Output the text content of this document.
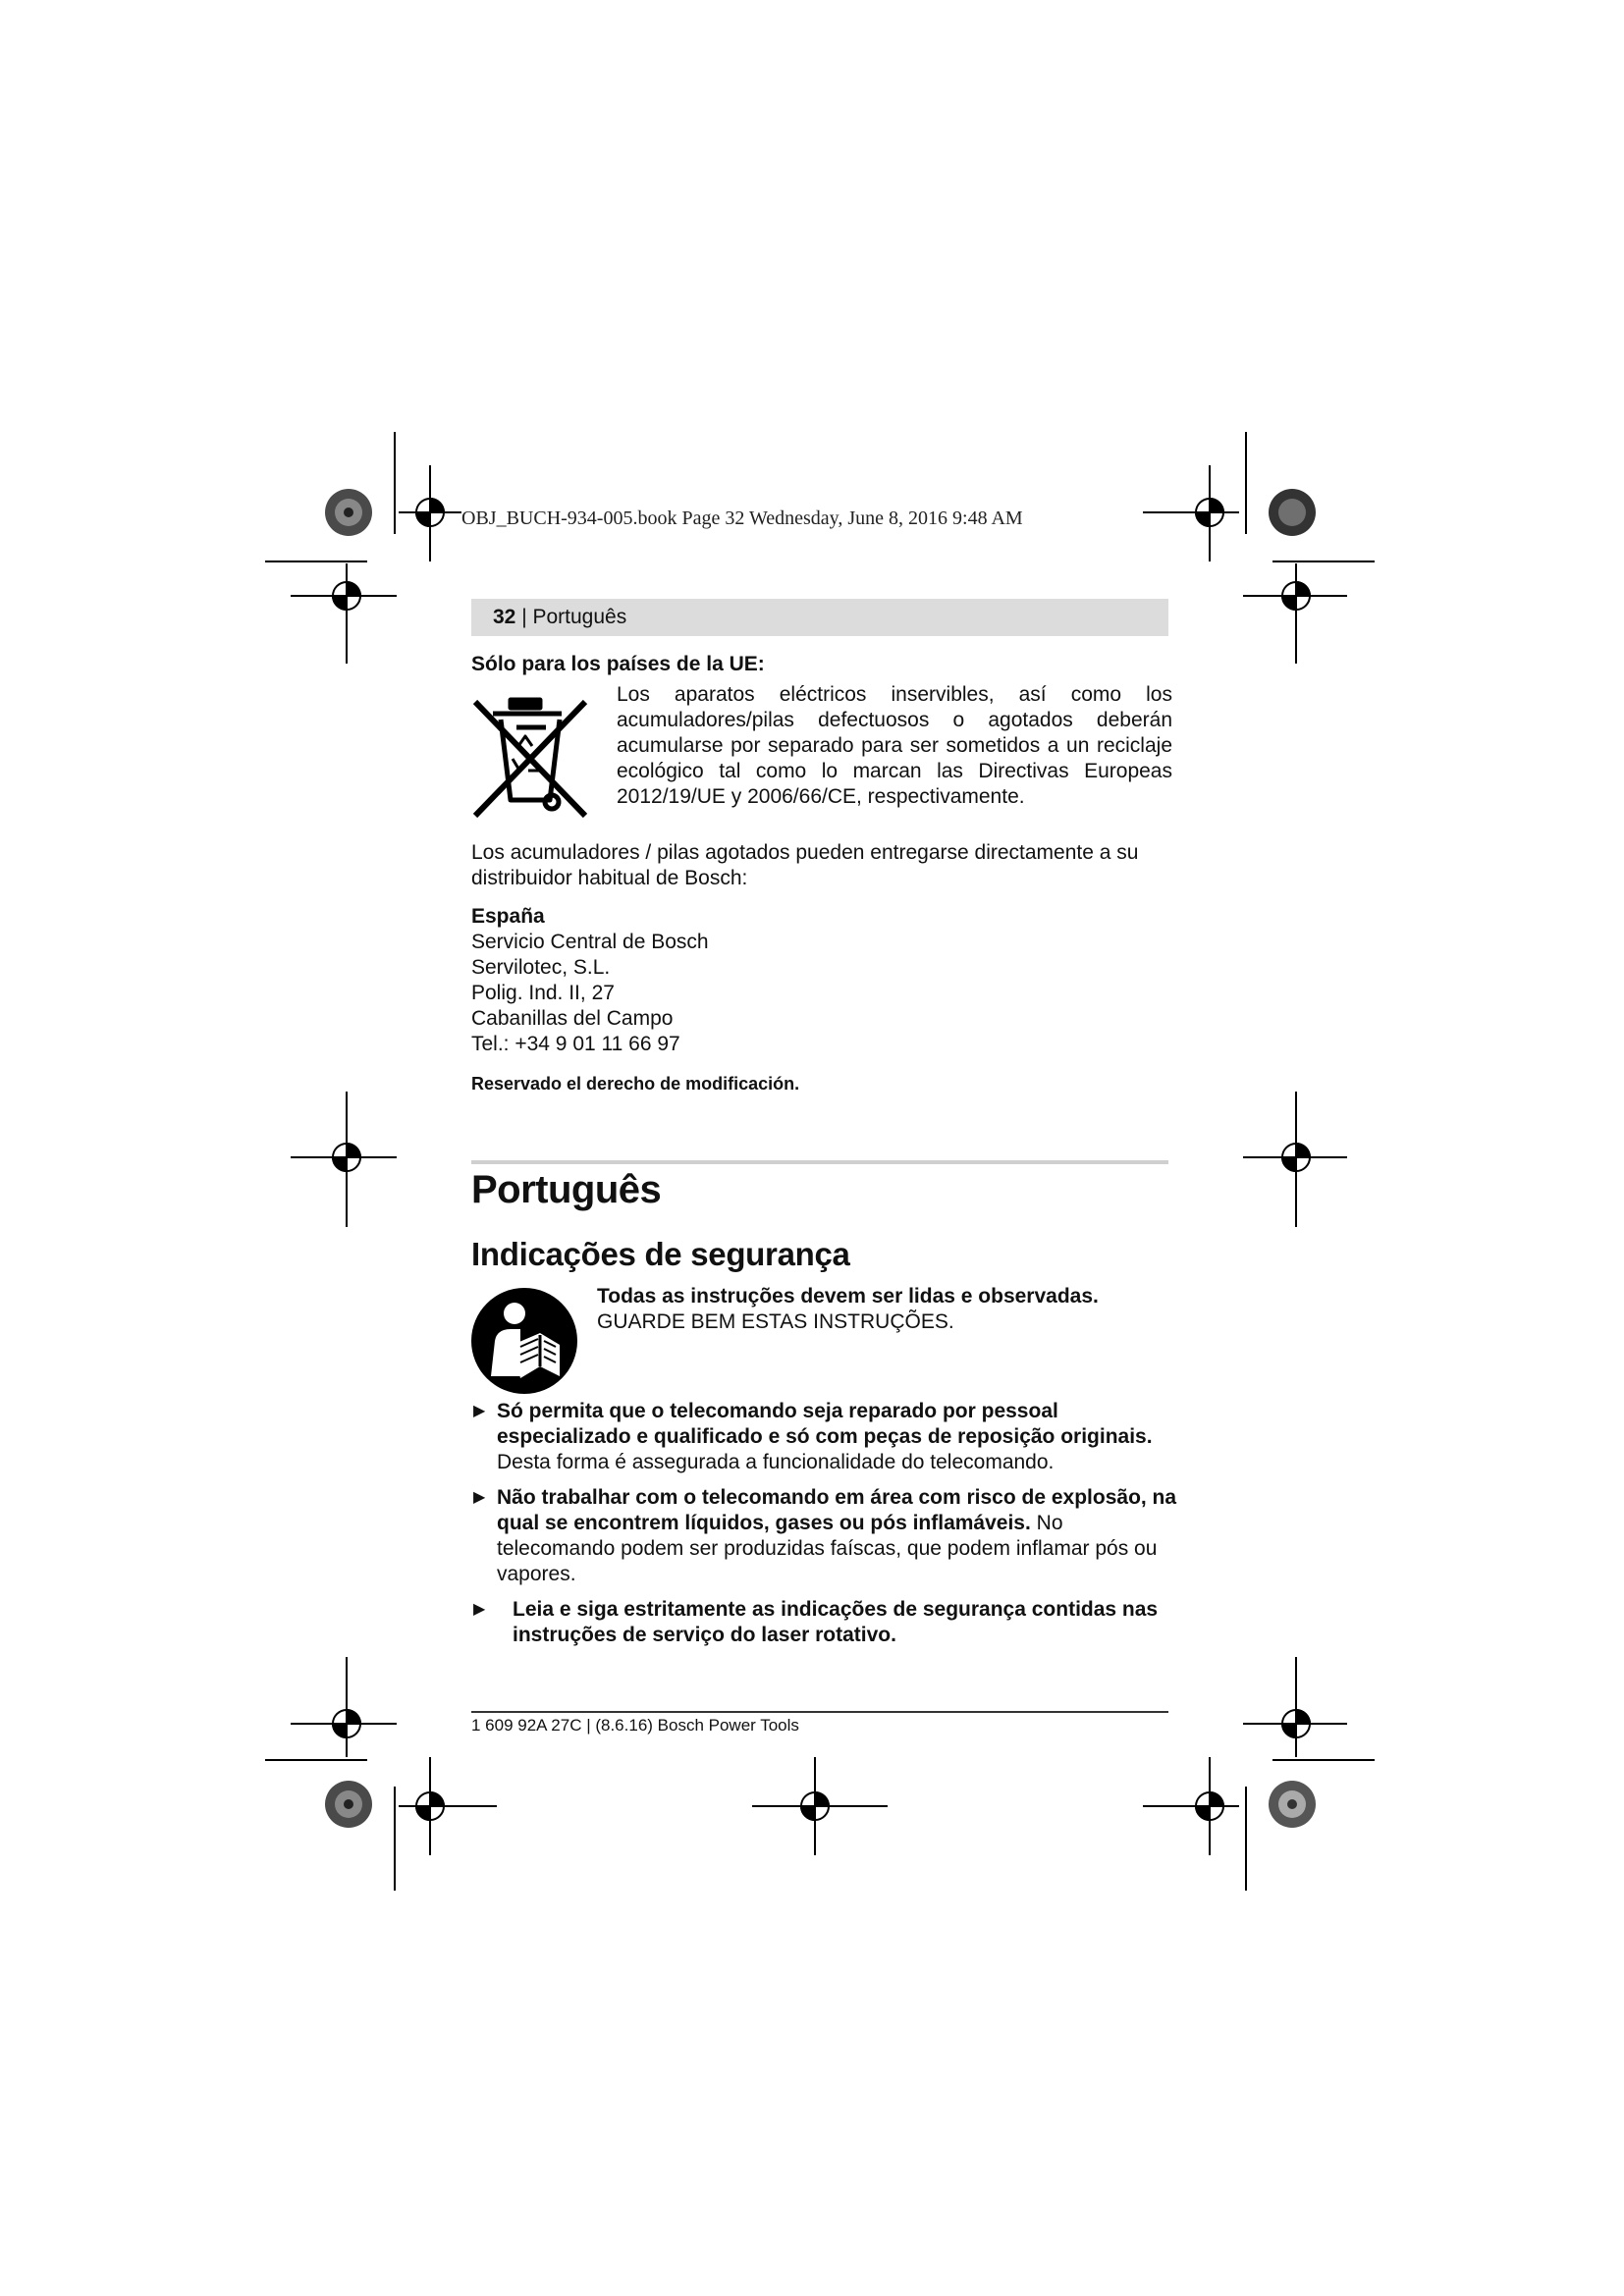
OBJ_BUCH-934-005.book Page 32 Wednesday, June 8, 2016 9:48 AM
32 | Português
Sólo para los países de la UE:
Los aparatos eléctricos inservibles, así como los acumuladores/pilas defectuosos o agotados deberán acumularse por separado para ser sometidos a un reciclaje ecológico tal como lo marcan las Directivas Europeas 2012/19/UE y 2006/66/CE, respectivamente.
Los acumuladores / pilas agotados pueden entregarse directamente a su distribuidor habitual de Bosch:
España
Servicio Central de Bosch
Servilotec, S.L.
Polig. Ind. II, 27
Cabanillas del Campo
Tel.: +34 9 01 11 66 97
Reservado el derecho de modificación.
Português
Indicações de segurança
Todas as instruções devem ser lidas e observadas. GUARDE BEM ESTAS INSTRUÇÕES.
▶ Só permita que o telecomando seja reparado por pessoal especializado e qualificado e só com peças de reposição originais. Desta forma é assegurada a funcionalidade do telecomando.
▶ Não trabalhar com o telecomando em área com risco de explosão, na qual se encontrem líquidos, gases ou pós inflamáveis. No telecomando podem ser produzidas faíscas, que podem inflamar pós ou vapores.
▶ Leia e siga estritamente as indicações de segurança contidas nas instruções de serviço do laser rotativo.
1 609 92A 27C | (8.6.16) Bosch Power Tools
